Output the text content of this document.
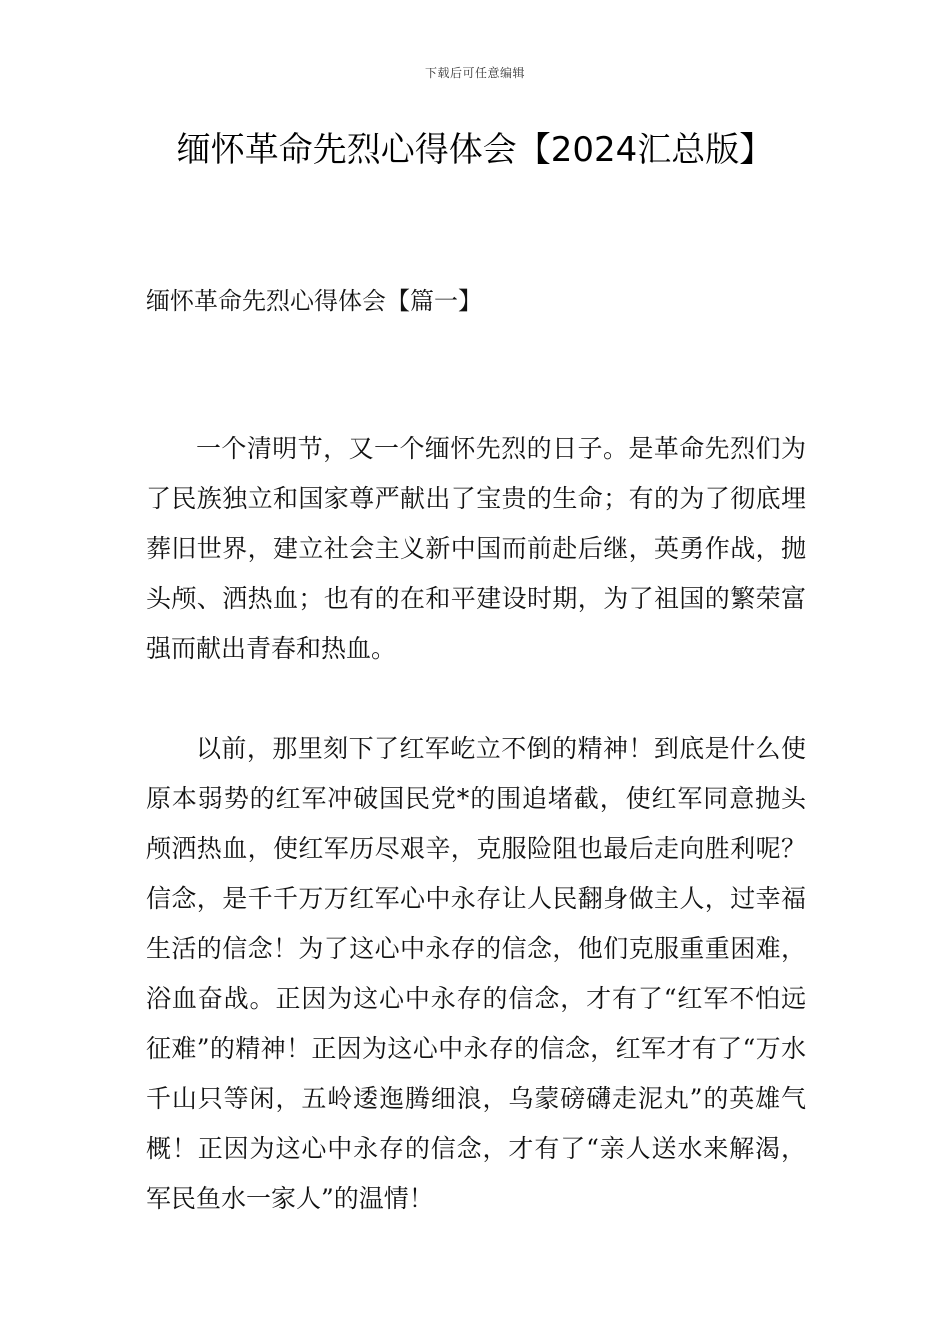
下载后可任意编辑
缅怀革命先烈心得体会【2024汇总版】
缅怀革命先烈心得体会【篇一】

一个清明节，又一个缅怀先烈的日子。是革命先烈们为了民族独立和国家尊严献出了宝贵的生命；有的为了彻底埋葬旧世界，建立社会主义新中国而前赴后继，英勇作战，抛头颅、洒热血；也有的在和平建设时期，为了祖国的繁荣富强而献出青春和热血。

以前，那里刻下了红军屹立不倒的精神！到底是什么使原本弱势的红军冲破国民党*的围追堵截，使红军同意抛头颅洒热血，使红军历尽艰辛，克服险阻也最后走向胜利呢？信念，是千千万万红军心中永存让人民翻身做主人，过幸福生活的信念！为了这心中永存的信念，他们克服重重困难，浴血奋战。正因为这心中永存的信念，才有了“红军不怕远征难”的精神！正因为这心中永存的信念，红军才有了“万水千山只等闲，五岭逶迤腾细浪，乌蒙磅礴走泥丸”的英雄气概！正因为这心中永存的信念，才有了“亲人送水来解渴，军民鱼水一家人”的温情！
